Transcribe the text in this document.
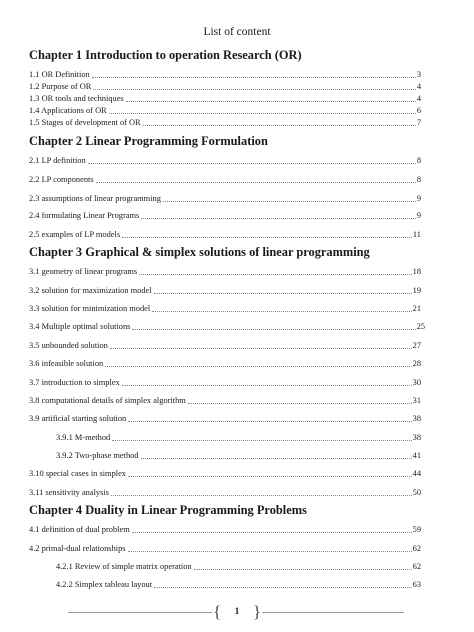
List of content
Chapter 1 Introduction to operation Research (OR)
1.1 OR Definition	3
1.2 Purpose of OR	4
1.3 OR tools and techniques	4
1.4 Applications of OR	6
1.5 Stages of development of OR	7
Chapter 2 Linear Programming Formulation
2.1 LP definition	8
2.2 LP components	8
2.3 assumptions of linear programming	9
2.4 formulating Linear Programs	9
2.5 examples of LP models	11
Chapter 3 Graphical & simplex solutions of linear programming
3.1 geometry of linear programs	18
3.2 solution for maximization model	19
3.3 solution for minimization model	21
3.4 Multiple optimal solutions	25
3.5 unbounded solution	27
3.6 infeasible solution	28
3.7 introduction to simplex	30
3.8 computational details of simplex algorithm	31
3.9 artificial starting solution	38
3.9.1 M-method	38
3.9.2 Two-phase method	41
3.10 special cases in simplex	44
3.11 sensitivity analysis	50
Chapter 4 Duality in Linear Programming Problems
4.1 definition of dual problem	59
4.2 primal-dual relationships	62
4.2.1 Review of simple matrix operation	62
4.2.2 Simplex tableau layout	63
{	1 }
